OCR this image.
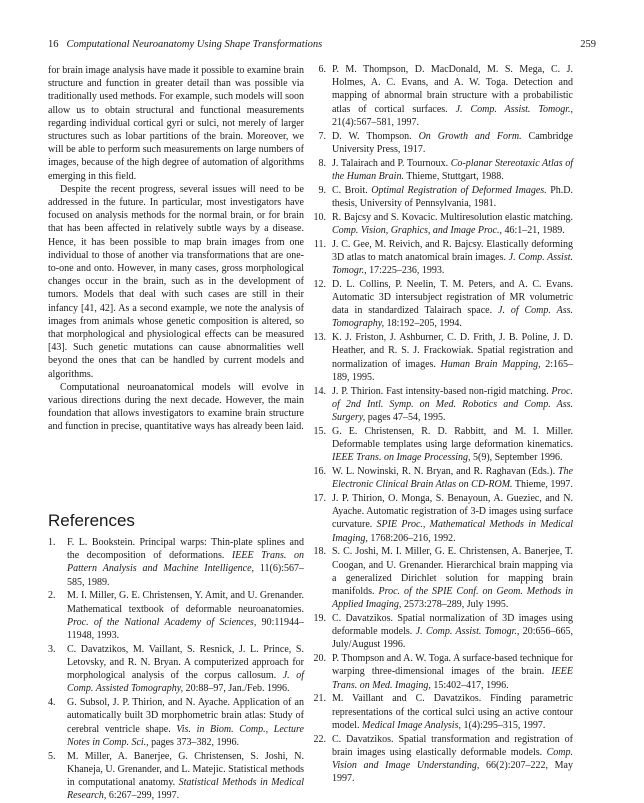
16 Computational Neuroanatomy Using Shape Transformations	259

for brain image analysis have made it possible to examine brain structure and function in greater detail than was possible via traditionally used methods. For example, such models will soon allow us to obtain structural and functional measurements regarding individual cortical gyri or sulci, not merely of larger structures such as lobar partitions of the brain. Moreover, we will be able to perform such measurements on large numbers of images, because of the high degree of automation of algorithms emerging in this field.

Despite the recent progress, several issues will need to be addressed in the future. In particular, most investigators have focused on analysis methods for the normal brain, or for brain that has been affected in relatively subtle ways by a disease. Hence, it has been possible to map brain images from one individual to those of another via transformations that are one-to-one and onto. However, in many cases, gross morphological changes occur in the brain, such as in the development of tumors. Models that deal with such cases are still in their infancy [41, 42]. As a second example, we note the analysis of images from animals whose genetic composition is altered, so that morphological and physiological effects can be measured [43]. Such genetic mutations can cause abnormalities well beyond the ones that can be handled by current models and algorithms.

Computational neuroanatomical models will evolve in various directions during the next decade. However, the main foundation that allows investigators to examine brain structure and function in precise, quantitative ways has already been laid.

References
1. F. L. Bookstein. Principal warps: Thin-plate splines and the decomposition of deformations. IEEE Trans. on Pattern Analysis and Machine Intelligence, 11(6):567–585, 1989.
2. M. I. Miller, G. E. Christensen, Y. Amit, and U. Grenander. Mathematical textbook of deformable neuroanatomies. Proc. of the National Academy of Sciences, 90:11944–11948, 1993.
3. C. Davatzikos, M. Vaillant, S. Resnick, J. L. Prince, S. Letovsky, and R. N. Bryan. A computerized approach for morphological analysis of the corpus callosum. J. of Comp. Assisted Tomography, 20:88–97, Jan./Feb. 1996.
4. G. Subsol, J. P. Thirion, and N. Ayache. Application of an automatically built 3D morphometric brain atlas: Study of cerebral ventricle shape. Vis. in Biom. Comp., Lecture Notes in Comp. Sci., pages 373–382, 1996.
5. M. Miller, A. Banerjee, G. Christensen, S. Joshi, N. Khaneja, U. Grenander, and L. Matejic. Statistical methods in computational anatomy. Statistical Methods in Medical Research, 6:267–299, 1997.
6. P. M. Thompson, D. MacDonald, M. S. Mega, C. J. Holmes, A. C. Evans, and A. W. Toga. Detection and mapping of abnormal brain structure with a probabilistic atlas of cortical surfaces. J. Comp. Assist. Tomogr., 21(4):567–581, 1997.
7. D. W. Thompson. On Growth and Form. Cambridge University Press, 1917.
8. J. Talairach and P. Tournoux. Co-planar Stereotaxic Atlas of the Human Brain. Thieme, Stuttgart, 1988.
9. C. Broit. Optimal Registration of Deformed Images. Ph.D. thesis, University of Pennsylvania, 1981.
10. R. Bajcsy and S. Kovacic. Multiresolution elastic matching. Comp. Vision, Graphics, and Image Proc., 46:1–21, 1989.
11. J. C. Gee, M. Reivich, and R. Bajcsy. Elastically deforming 3D atlas to match anatomical brain images. J. Comp. Assist. Tomogr., 17:225–236, 1993.
12. D. L. Collins, P. Neelin, T. M. Peters, and A. C. Evans. Automatic 3D intersubject registration of MR volumetric data in standardized Talairach space. J. of Comp. Ass. Tomography, 18:192–205, 1994.
13. K. J. Friston, J. Ashburner, C. D. Frith, J. B. Poline, J. D. Heather, and R. S. J. Frackowiak. Spatial registration and normalization of images. Human Brain Mapping, 2:165–189, 1995.
14. J. P. Thirion. Fast intensity-based non-rigid matching. Proc. of 2nd Intl. Symp. on Med. Robotics and Comp. Ass. Surgery, pages 47–54, 1995.
15. G. E. Christensen, R. D. Rabbitt, and M. I. Miller. Deformable templates using large deformation kinematics. IEEE Trans. on Image Processing, 5(9), September 1996.
16. W. L. Nowinski, R. N. Bryan, and R. Raghavan (Eds.). The Electronic Clinical Brain Atlas on CD-ROM. Thieme, 1997.
17. J. P. Thirion, O. Monga, S. Benayoun, A. Gueziec, and N. Ayache. Automatic registration of 3-D images using surface curvature. SPIE Proc., Mathematical Methods in Medical Imaging, 1768:206–216, 1992.
18. S. C. Joshi, M. I. Miller, G. E. Christensen, A. Banerjee, T. Coogan, and U. Grenander. Hierarchical brain mapping via a generalized Dirichlet solution for mapping brain manifolds. Proc. of the SPIE Conf. on Geom. Methods in Applied Imaging, 2573:278–289, July 1995.
19. C. Davatzikos. Spatial normalization of 3D images using deformable models. J. Comp. Assist. Tomogr., 20:656–665, July/August 1996.
20. P. Thompson and A. W. Toga. A surface-based technique for warping three-dimensional images of the brain. IEEE Trans. on Med. Imaging, 15:402–417, 1996.
21. M. Vaillant and C. Davatzikos. Finding parametric representations of the cortical sulci using an active contour model. Medical Image Analysis, 1(4):295–315, 1997.
22. C. Davatzikos. Spatial transformation and registration of brain images using elastically deformable models. Comp. Vision and Image Understanding, 66(2):207–222, May 1997.
